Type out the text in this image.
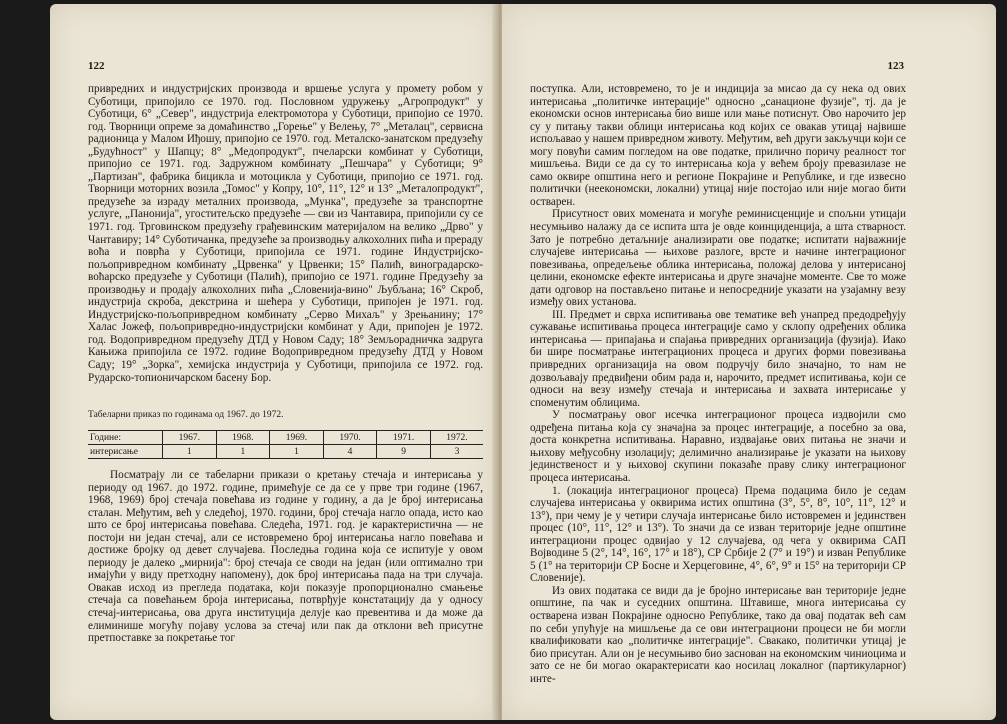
122

привредних и индустријских производа и вршење услуга у промету робом у Суботици, припојило се 1970. год. Пословном удружењу „Агропродукт" у Суботици, 6° „Север", индустрија електромотора у Суботици, припојио се 1970. год. Творници опреме за домаћинство „Горење" у Велењу, 7° „Металац", сервисна радионица у Малом Иђошу, припојио се 1970. год. Металско-занатском предузећу „Будућност" у Шапцу; 8° „Медопродукт", пчеларски комбинат у Суботици, припојио се 1971. год. Задружном комбинату „Пешчара" у Суботици; 9° „Партизан", фабрика бицикла и мотоцикла у Суботици, припојио се 1971. год. Творници моторних возила „Томос" у Копру, 10°, 11°, 12° и 13° „Металопродукт", предузеће за израду металних производа, „Мунка", предузеће за транспортне услуге, „Панонија", угоститељско предузеће — сви из Чантавира, припојили су се 1971. год. Трговинском предузећу грађевинским материјалом на велико „Дрво" у Чантавиру; 14° Суботичанка, предузеће за производњу алкохолних пића и прераду воћа и поврћа у Суботици, припојила се 1971. године Индустријско-пољопривредном комбинату „Црвенка" у Црвенки; 15° Палић, виноградарско-воћарско предузеће у Суботици (Палић), припојио се 1971. године Предузећу за производњу и продају алкохолних пића „Словенија-вино" Љубљана; 16° Скроб, индустрија скроба, декстрина и шећера у Суботици, припојен је 1971. год. Индустријско-пољопривредном комбинату „Серво Михаљ" у Зрењанину; 17° Халас Јожеф, пољопривредно-индустријски комбинат у Ади, припојен је 1972. год. Водопривредном предузећу ДТД у Новом Саду; 18° Земљорадничка задруга Кањижа припојила се 1972. године Водопривредном предузећу ДТД у Новом Саду; 19° „Зорка", хемијска индустрија у Суботици, припојила се 1972. год. Рударско-топионичарском басену Бор.

Табеларни приказ по годинама од 1967. до 1972.
Године:	1967.	1968.	1969.	1970.	1971.	1972.
интерисање	1	1	1	4	9	3

Посматрају ли се табеларни прикази о кретању стечаја и интерисања у периоду од 1967. до 1972. године, примећује се да се у прве три године (1967, 1968, 1969) број стечаја повећава из године у годину, а да је број интерисања сталан. Међутим, већ у следећој, 1970. години, број стечаја нагло опада, исто као што се број интерисања повећава. Следећа, 1971. год. је карактеристична — не постоји ни један стечај, али се истовремено број интерисања нагло повећава и достиже бројку од девет случајева. Последња година која се испитује у овом периоду је далеко „мирнија": број стечаја се своди на један (или оптимално три имајући у виду претходну напомену), док број интерисања пада на три случаја. Овакав исход из прегледа података, који показује пропорционално смањење стечаја са повећањем броја интерисања, потврђује констатацију да у односу стечај-интерисања, ова друга институција делује као превентива и да може да елиминише могућу појаву услова за стечај или пак да отклони већ присутне претпоставке за покретање тог

123

поступка. Али, истовремено, то је и индиција за мисао да су нека од ових интерисања „политичке интерације" односно „санационе фузије", тј. да је економски основ интерисања био више или мање потиснут. Ово нарочито јер су у питању такви облици интерисања код којих се овакав утицај највише испољавао у нашем привредном животу. Међутим, већ други закључци који се могу повући самим погледом на ове податке, прилично поричу реалност тог мишљења. Види се да су то интерисања која у већем броју превазилазе не само оквире општина него и регионе Покрајине и Републике, и где извесно политички (неекономски, локални) утицај није постојао или није могао бити остварен.

Присутност ових момената и могуће реминисценције и спољни утицаји несумњиво налажу да се испита шта је овде коинциденција, а шта стварност. Зато је потребно детаљније анализирати ове податке; испитати најважније случајеве интерисања — њихове разлоге, врсте и начине интеграционог повезивања, опредељење облика интерисања, положај делова у интерисаној целини, економске ефекте интерисања и друге значајне моменте. Све то може дати одговор на постављено питање и непосредније указати на узајамну везу између ових установа.

III. Предмет и сврха испитивања ове тематике већ унапред предодређују сужавање испитивања процеса интеграције само у склопу одређених облика интерисања — припајања и спајања привредних организација (фузија). Иако би шире посматрање интеграционих процеса и других форми повезивања привредних организација на овом подручју било значајно, то нам не дозвољавају предвиђени обим рада и, нарочито, предмет испитивања, који се односи на везу између стечаја и интерисања и захвата интерисање у споменутим облицима.

У посматрању овог исечка интеграционог процеса издвојили смо одређена питања која су значајна за процес интеграције, а посебно за ова, доста конкретна испитивања. Наравно, издвајање ових питања не значи и њихову међусобну изолацију; делимично анализирање је указати на њихову јединственост и у њиховој скупини показаће праву слику интеграционог процеса интерисања.

1. (локација интеграционог процеса) Према подацима било је седам случајева интерисања у оквирима истих општина (3°, 5°, 8°, 10°, 11°, 12° и 13°), при чему је у четири случаја интерисање било истовремен и јединствен процес (10°, 11°, 12° и 13°). То значи да се изван територије једне општине интеграциони процес одвијао у 12 случајева, од чега у оквирима САП Војводине 5 (2°, 14°, 16°, 17° и 18°), СР Србије 2 (7° и 19°) и изван Републике 5 (1° на територији СР Босне и Херцеговине, 4°, 6°, 9° и 15° на територији СР Словеније).

Из ових података се види да је бројно интерисање ван територије једне општине, па чак и суседних општина. Штавише, многа интерисања су остварена изван Покрајине односно Републике, тако да овај податак већ сам по себи упућује на мишљење да се ови интеграциони процеси не би могли квалификовати као „политичке интеграције". Свакако, политички утицај је био присутан. Али он је несумњиво био заснован на економским чиниоцима и зато се не би могао окарактерисати као носилац локалног (партикуларног) инте-
